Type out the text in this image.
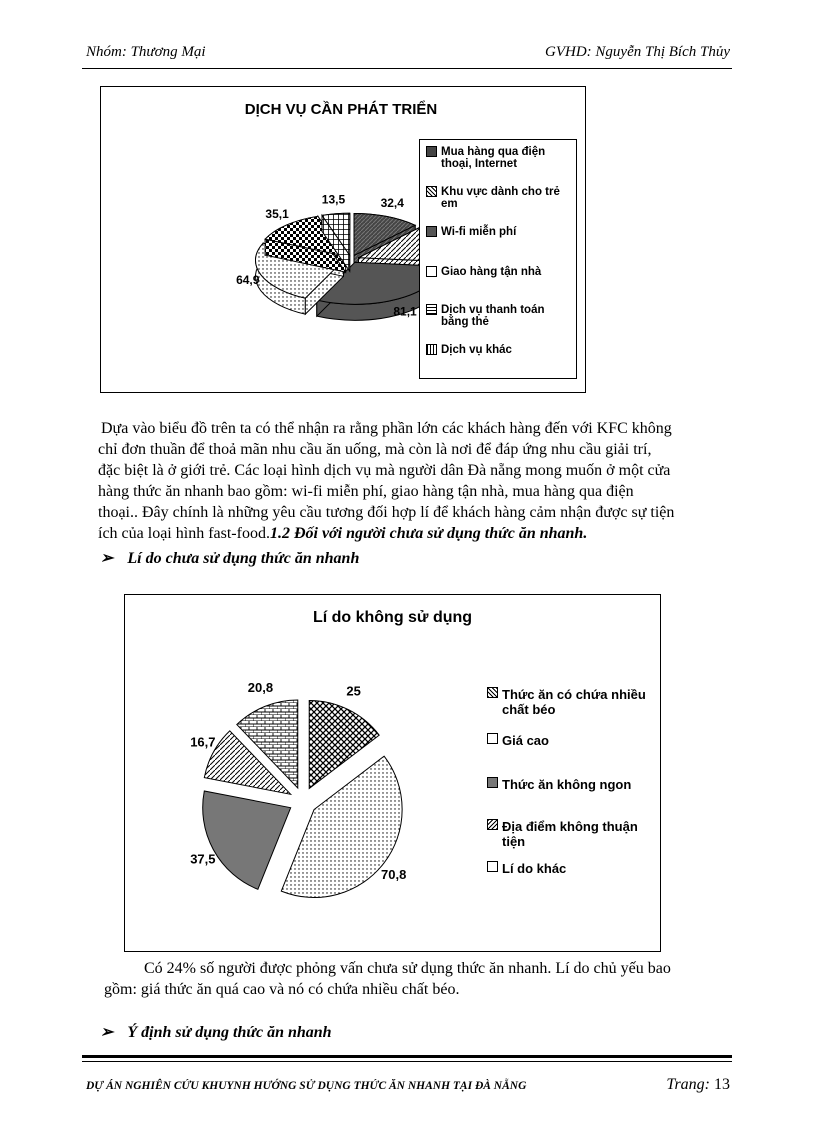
Nhóm: Thương Mại	GVHD: Nguyễn Thị Bích Thủy
DỊCH VỤ CẦN PHÁT TRIỂN
32,4
81,1
64,9
35,1
13,5
Mua hàng qua điện thoại, Internet
Khu vực dành cho trẻ em
Wi-fi miễn phí
Giao hàng tận nhà
Dịch vụ thanh toán bằng thẻ
Dịch vụ khác
Dựa vào biểu đồ trên ta có thể nhận ra rằng phần lớn các khách hàng đến với KFC không
chỉ đơn thuần để thoả mãn nhu cầu ăn uống, mà còn là nơi để đáp ứng nhu cầu giải trí,
đặc biệt là ở giới trẻ. Các loại hình dịch vụ mà người dân Đà nẵng mong muốn ở một cửa
hàng thức ăn nhanh bao gồm: wi-fi miễn phí, giao hàng tận nhà, mua hàng qua điện
thoại.. Đây chính là những yêu cầu tương đối hợp lí để khách hàng cảm nhận được sự tiện
ích của loại hình fast-food.1.2 Đối với người chưa sử dụng thức ăn nhanh.
➢ Lí do chưa sử dụng thức ăn nhanh
Lí do không sử dụng
25
70,8
37,5
16,7
20,8	Thức ăn có chứa nhiều chất béo
Giá cao
Thức ăn không ngon
Địa điểm không thuận tiện
Lí do khác
Có 24% số người được phỏng vấn chưa sử dụng thức ăn nhanh. Lí do chủ yếu bao
gồm: giá thức ăn quá cao và nó có chứa nhiều chất béo.
➢ Ý định sử dụng thức ăn nhanh
DỰ ÁN NGHIÊN CỨU KHUYNH HƯỚNG SỬ DỤNG THỨC ĂN NHANH TẠI ĐÀ NẴNG	Trang: 13
